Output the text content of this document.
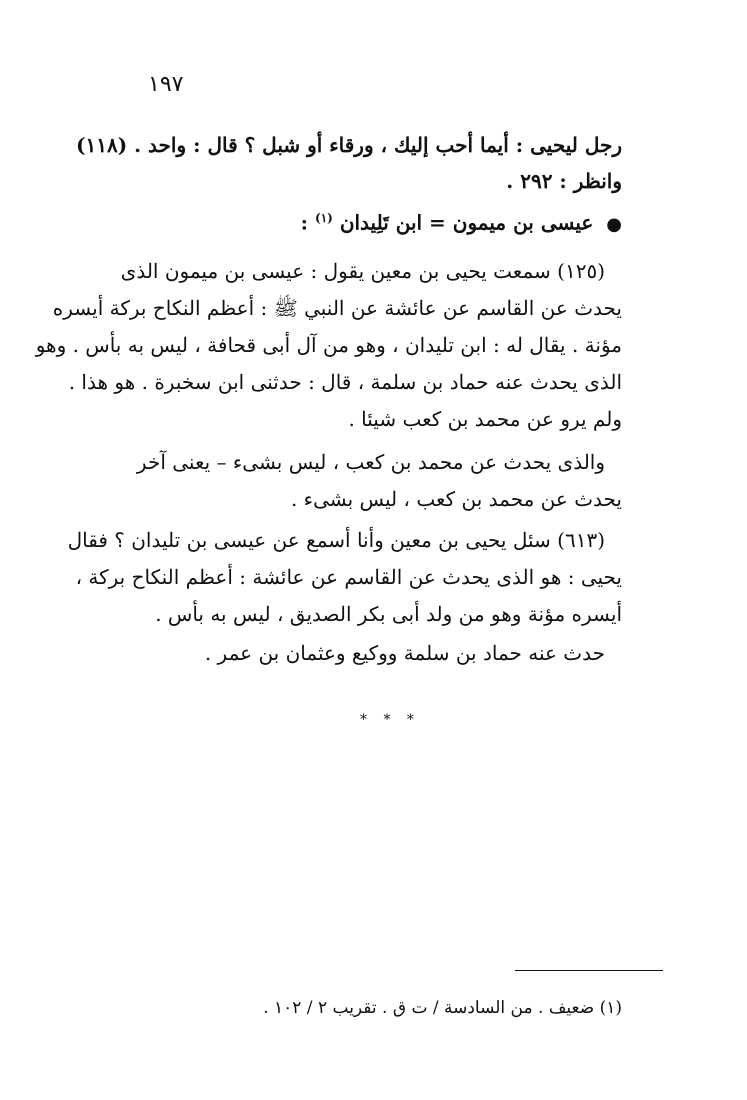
١٩٧
رجل ليحيى : أيما أحب إليك ، ورقاء أو شبل ؟ قال : واحد . (١١٨)
وانظر : ٢٩٢ .
● عيسى بن ميمون = ابن تَلِيدان $^{(١)}$ :
(١٢٥) سمعت يحيى بن معين يقول : عيسى بن ميمون الذى
يحدث عن القاسم عن عائشة عن النبي ﷺ : أعظم النكاح بركة أيسره
مؤنة . يقال له : ابن تليدان ، وهو من آل أبى قحافة ، ليس به بأس . وهو
الذى يحدث عنه حماد بن سلمة ، قال : حدثنى ابن سخبرة . هو هذا .
ولم يرو عن محمد بن كعب شيئا .
والذى يحدث عن محمد بن كعب ، ليس بشىء – يعنى آخر
يحدث عن محمد بن كعب ، ليس بشىء .
(٦١٣) سئل يحيى بن معين وأنا أسمع عن عيسى بن تليدان ؟ فقال
يحيى : هو الذى يحدث عن القاسم عن عائشة : أعظم النكاح بركة ،
أيسره مؤنة وهو من ولد أبى بكر الصديق ، ليس به بأس .
حدث عنه حماد بن سلمة ووكيع وعثمان بن عمر .
* * *
(١) ضعيف . من السادسة / ت ق . تقريب ٢ / ١٠٢ .
